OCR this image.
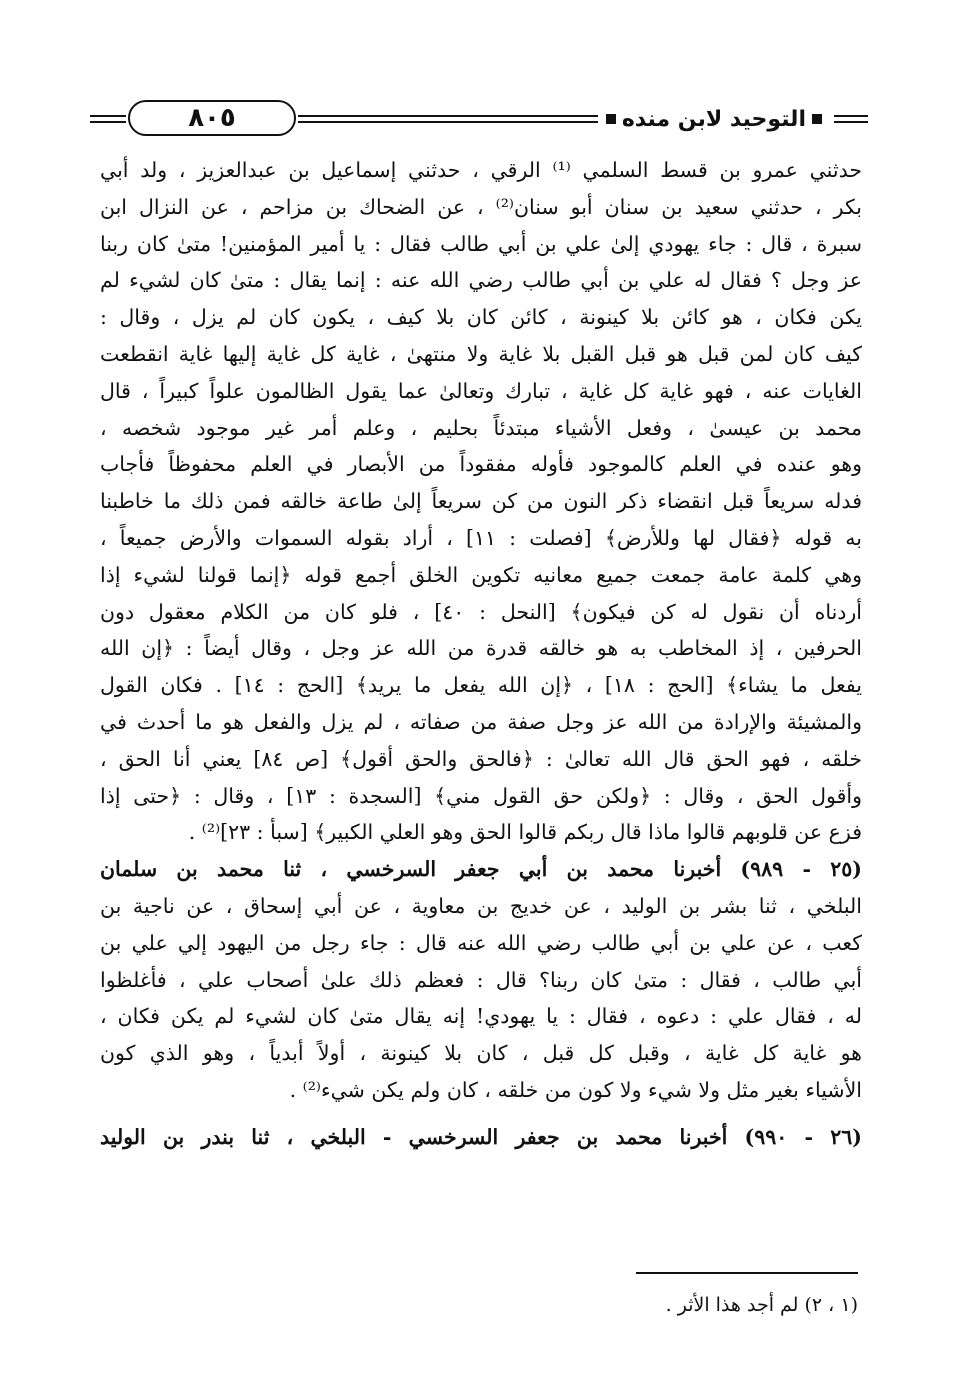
٨٠٥	التوحيد لابن منده
حدثني عمرو بن قسط السلمي ⁽¹⁾ الرقي ، حدثني إسماعيل بن عبدالعزيز ، ولد أبي
بكر ، حدثني سعيد بن سنان أبو سنان⁽²⁾ ، عن الضحاك بن مزاحم ، عن النزال ابن
سبرة ، قال : جاء يهودي إلىٰ علي بن أبي طالب فقال : يا أمير المؤمنين! متىٰ كان ربنا
عز وجل ؟ فقال له علي بن أبي طالب رضي الله عنه : إنما يقال : متىٰ كان لشيء لم
يكن فكان ، هو كائن بلا كينونة ، كائن كان بلا كيف ، يكون كان لم يزل ، وقال :
كيف كان لمن قبل هو قبل القبل بلا غاية ولا منتهىٰ ، غاية كل غاية إليها غاية انقطعت
الغايات عنه ، فهو غاية كل غاية ، تبارك وتعالىٰ عما يقول الظالمون علواً كبيراً ، قال
محمد بن عيسىٰ ، وفعل الأشياء مبتدئاً بحليم ، وعلم أمر غير موجود شخصه ،
وهو عنده في العلم كالموجود فأوله مفقوداً من الأبصار في العلم محفوظاً فأجاب
فدله سريعاً قبل انقضاء ذكر النون من كن سريعاً إلىٰ طاعة خالقه فمن ذلك ما خاطبنا
به قوله ﴿فقال لها وللأرض﴾ [فصلت : ١١] ، أراد بقوله السموات والأرض جميعاً ،
وهي كلمة عامة جمعت جميع معانيه تكوين الخلق أجمع قوله ﴿إنما قولنا لشيء إذا
أردناه أن نقول له كن فيكون﴾ [النحل : ٤٠] ، فلو كان من الكلام معقول دون
الحرفين ، إذ المخاطب به هو خالقه قدرة من الله عز وجل ، وقال أيضاً : ﴿إن الله
يفعل ما يشاء﴾ [الحج : ١٨] ، ﴿إن الله يفعل ما يريد﴾ [الحج : ١٤] . فكان القول
والمشيئة والإرادة من الله عز وجل صفة من صفاته ، لم يزل والفعل هو ما أحدث في
خلقه ، فهو الحق قال الله تعالىٰ : ﴿فالحق والحق أقول﴾ [ص ٨٤] يعني أنا الحق ،
وأقول الحق ، وقال : ﴿ولكن حق القول مني﴾ [السجدة : ١٣] ، وقال : ﴿حتى إذا
فزع عن قلوبهم قالوا ماذا قال ربكم قالوا الحق وهو العلي الكبير﴾ [سبأ : ٢٣]⁽²⁾ .
(٢٥ - ٩٨٩) أخبرنا محمد بن أبي جعفر السرخسي ، ثنا محمد بن سلمان
البلخي ، ثنا بشر بن الوليد ، عن خديج بن معاوية ، عن أبي إسحاق ، عن ناجية بن
كعب ، عن علي بن أبي طالب رضي الله عنه قال : جاء رجل من اليهود إلي علي بن
أبي طالب ، فقال : متىٰ كان ربنا؟ قال : فعظم ذلك علىٰ أصحاب علي ، فأغلظوا
له ، فقال علي : دعوه ، فقال : يا يهودي! إنه يقال متىٰ كان لشيء لم يكن فكان ،
هو غاية كل غاية ، وقبل كل قبل ، كان بلا كينونة ، أولاً أبدياً ، وهو الذي كون
الأشياء بغير مثل ولا شيء ولا كون من خلقه ، كان ولم يكن شيء⁽²⁾ .
(٢٦ - ٩٩٠) أخبرنا محمد بن جعفر السرخسي - البلخي ، ثنا بندر بن الوليد
(١ ، ٢) لم أجد هذا الأثر .
